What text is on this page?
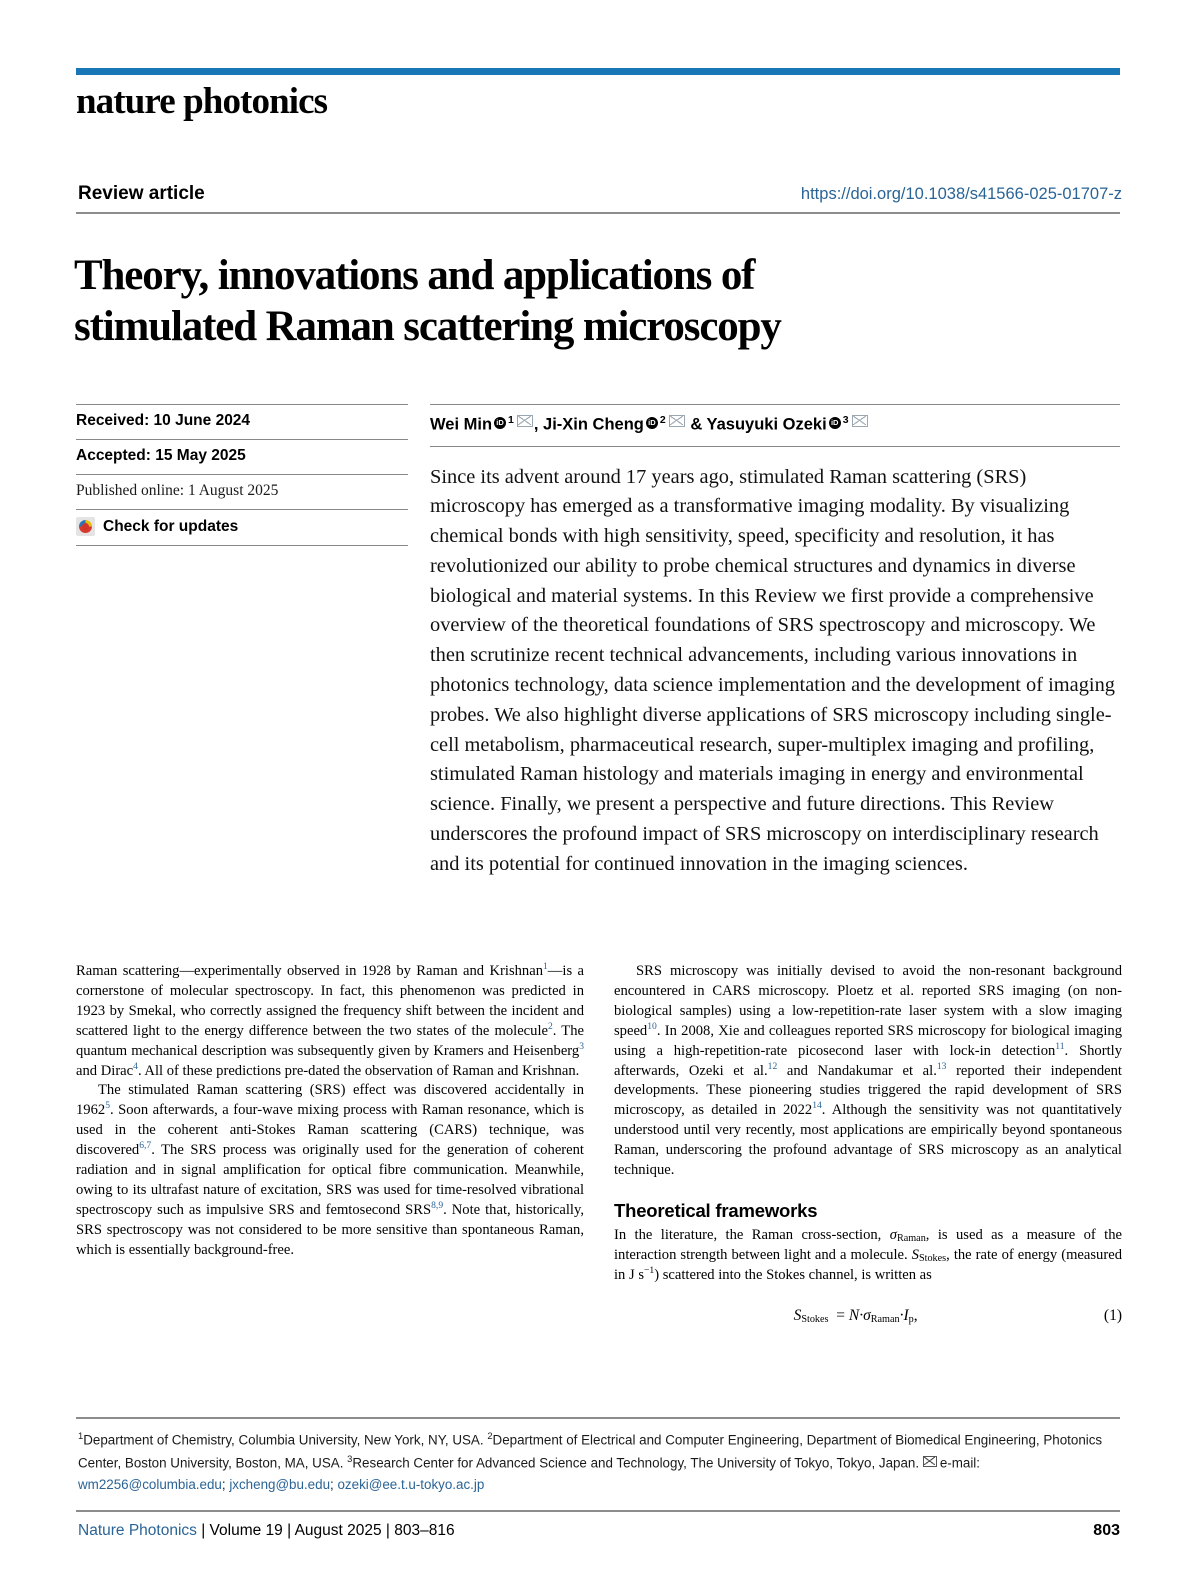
nature photonics
Review article	https://doi.org/10.1038/s41566-025-01707-z
Theory, innovations and applications of
stimulated Raman scattering microscopy
Received: 10 June 2024
Accepted: 15 May 2025
Published online: 1 August 2025
Check for updates
Wei Min iD $^1$ , Ji-Xin Cheng iD $^2$ & Yasuyuki Ozeki iD $^3$
Since its advent around 17 years ago, stimulated Raman scattering (SRS) microscopy has emerged as a transformative imaging modality. By visualizing chemical bonds with high sensitivity, speed, specificity and resolution, it has revolutionized our ability to probe chemical structures and dynamics in diverse biological and material systems. In this Review we first provide a comprehensive overview of the theoretical foundations of SRS spectroscopy and microscopy. We then scrutinize recent technical advancements, including various innovations in photonics technology, data science implementation and the development of imaging probes. We also highlight diverse applications of SRS microscopy including single-cell metabolism, pharmaceutical research, super-multiplex imaging and profiling, stimulated Raman histology and materials imaging in energy and environmental science. Finally, we present a perspective and future directions. This Review underscores the profound impact of SRS microscopy on interdisciplinary research and its potential for continued innovation in the imaging sciences.

Raman scattering—experimentally observed in 1928 by Raman and Krishnan$^1$—is a cornerstone of molecular spectroscopy. In fact, this phenomenon was predicted in 1923 by Smekal, who correctly assigned the frequency shift between the incident and scattered light to the energy difference between the two states of the molecule$^2$. The quantum mechanical description was subsequently given by Kramers and Heisenberg$^3$ and Dirac$^4$. All of these predictions pre-dated the observation of Raman and Krishnan.

The stimulated Raman scattering (SRS) effect was discovered accidentally in 1962$^5$. Soon afterwards, a four-wave mixing process with Raman resonance, which is used in the coherent anti-Stokes Raman scattering (CARS) technique, was discovered$^{6,7}$. The SRS process was originally used for the generation of coherent radiation and in signal amplification for optical fibre communication. Meanwhile, owing to its ultrafast nature of excitation, SRS was used for time-resolved vibrational spectroscopy such as impulsive SRS and femtosecond SRS$^{8,9}$. Note that, historically, SRS spectroscopy was not considered to be more sensitive than spontaneous Raman, which is essentially background-free.

SRS microscopy was initially devised to avoid the non-resonant background encountered in CARS microscopy. Ploetz et al. reported SRS imaging (on non-biological samples) using a low-repetition-rate laser system with a slow imaging speed$^{10}$. In 2008, Xie and colleagues reported SRS microscopy for biological imaging using a high-repetition-rate picosecond laser with lock-in detection$^{11}$. Shortly afterwards, Ozeki et al.$^{12}$ and Nandakumar et al.$^{13}$ reported their independent developments. These pioneering studies triggered the rapid development of SRS microscopy, as detailed in 2022$^{14}$. Although the sensitivity was not quantitatively understood until very recently, most applications are empirically beyond spontaneous Raman, underscoring the profound advantage of SRS microscopy as an analytical technique.

Theoretical frameworks

In the literature, the Raman cross-section, $\sigma_{Raman}$, is used as a measure of the interaction strength between light and a molecule. $S_{Stokes}$, the rate of energy (measured in J s$^{-1}$) scattered into the Stokes channel, is written as

$S_{Stokes} = N\cdot\sigma_{Raman}\cdot I_p$,	(1)
$^1$Department of Chemistry, Columbia University, New York, NY, USA. $^2$Department of Electrical and Computer Engineering, Department of Biomedical Engineering, Photonics Center, Boston University, Boston, MA, USA. $^3$Research Center for Advanced Science and Technology, The University of Tokyo, Tokyo, Japan. e-mail: wm2256@columbia.edu; jxcheng@bu.edu; ozeki@ee.t.u-tokyo.ac.jp
Nature Photonics | Volume 19 | August 2025 | 803–816	803
